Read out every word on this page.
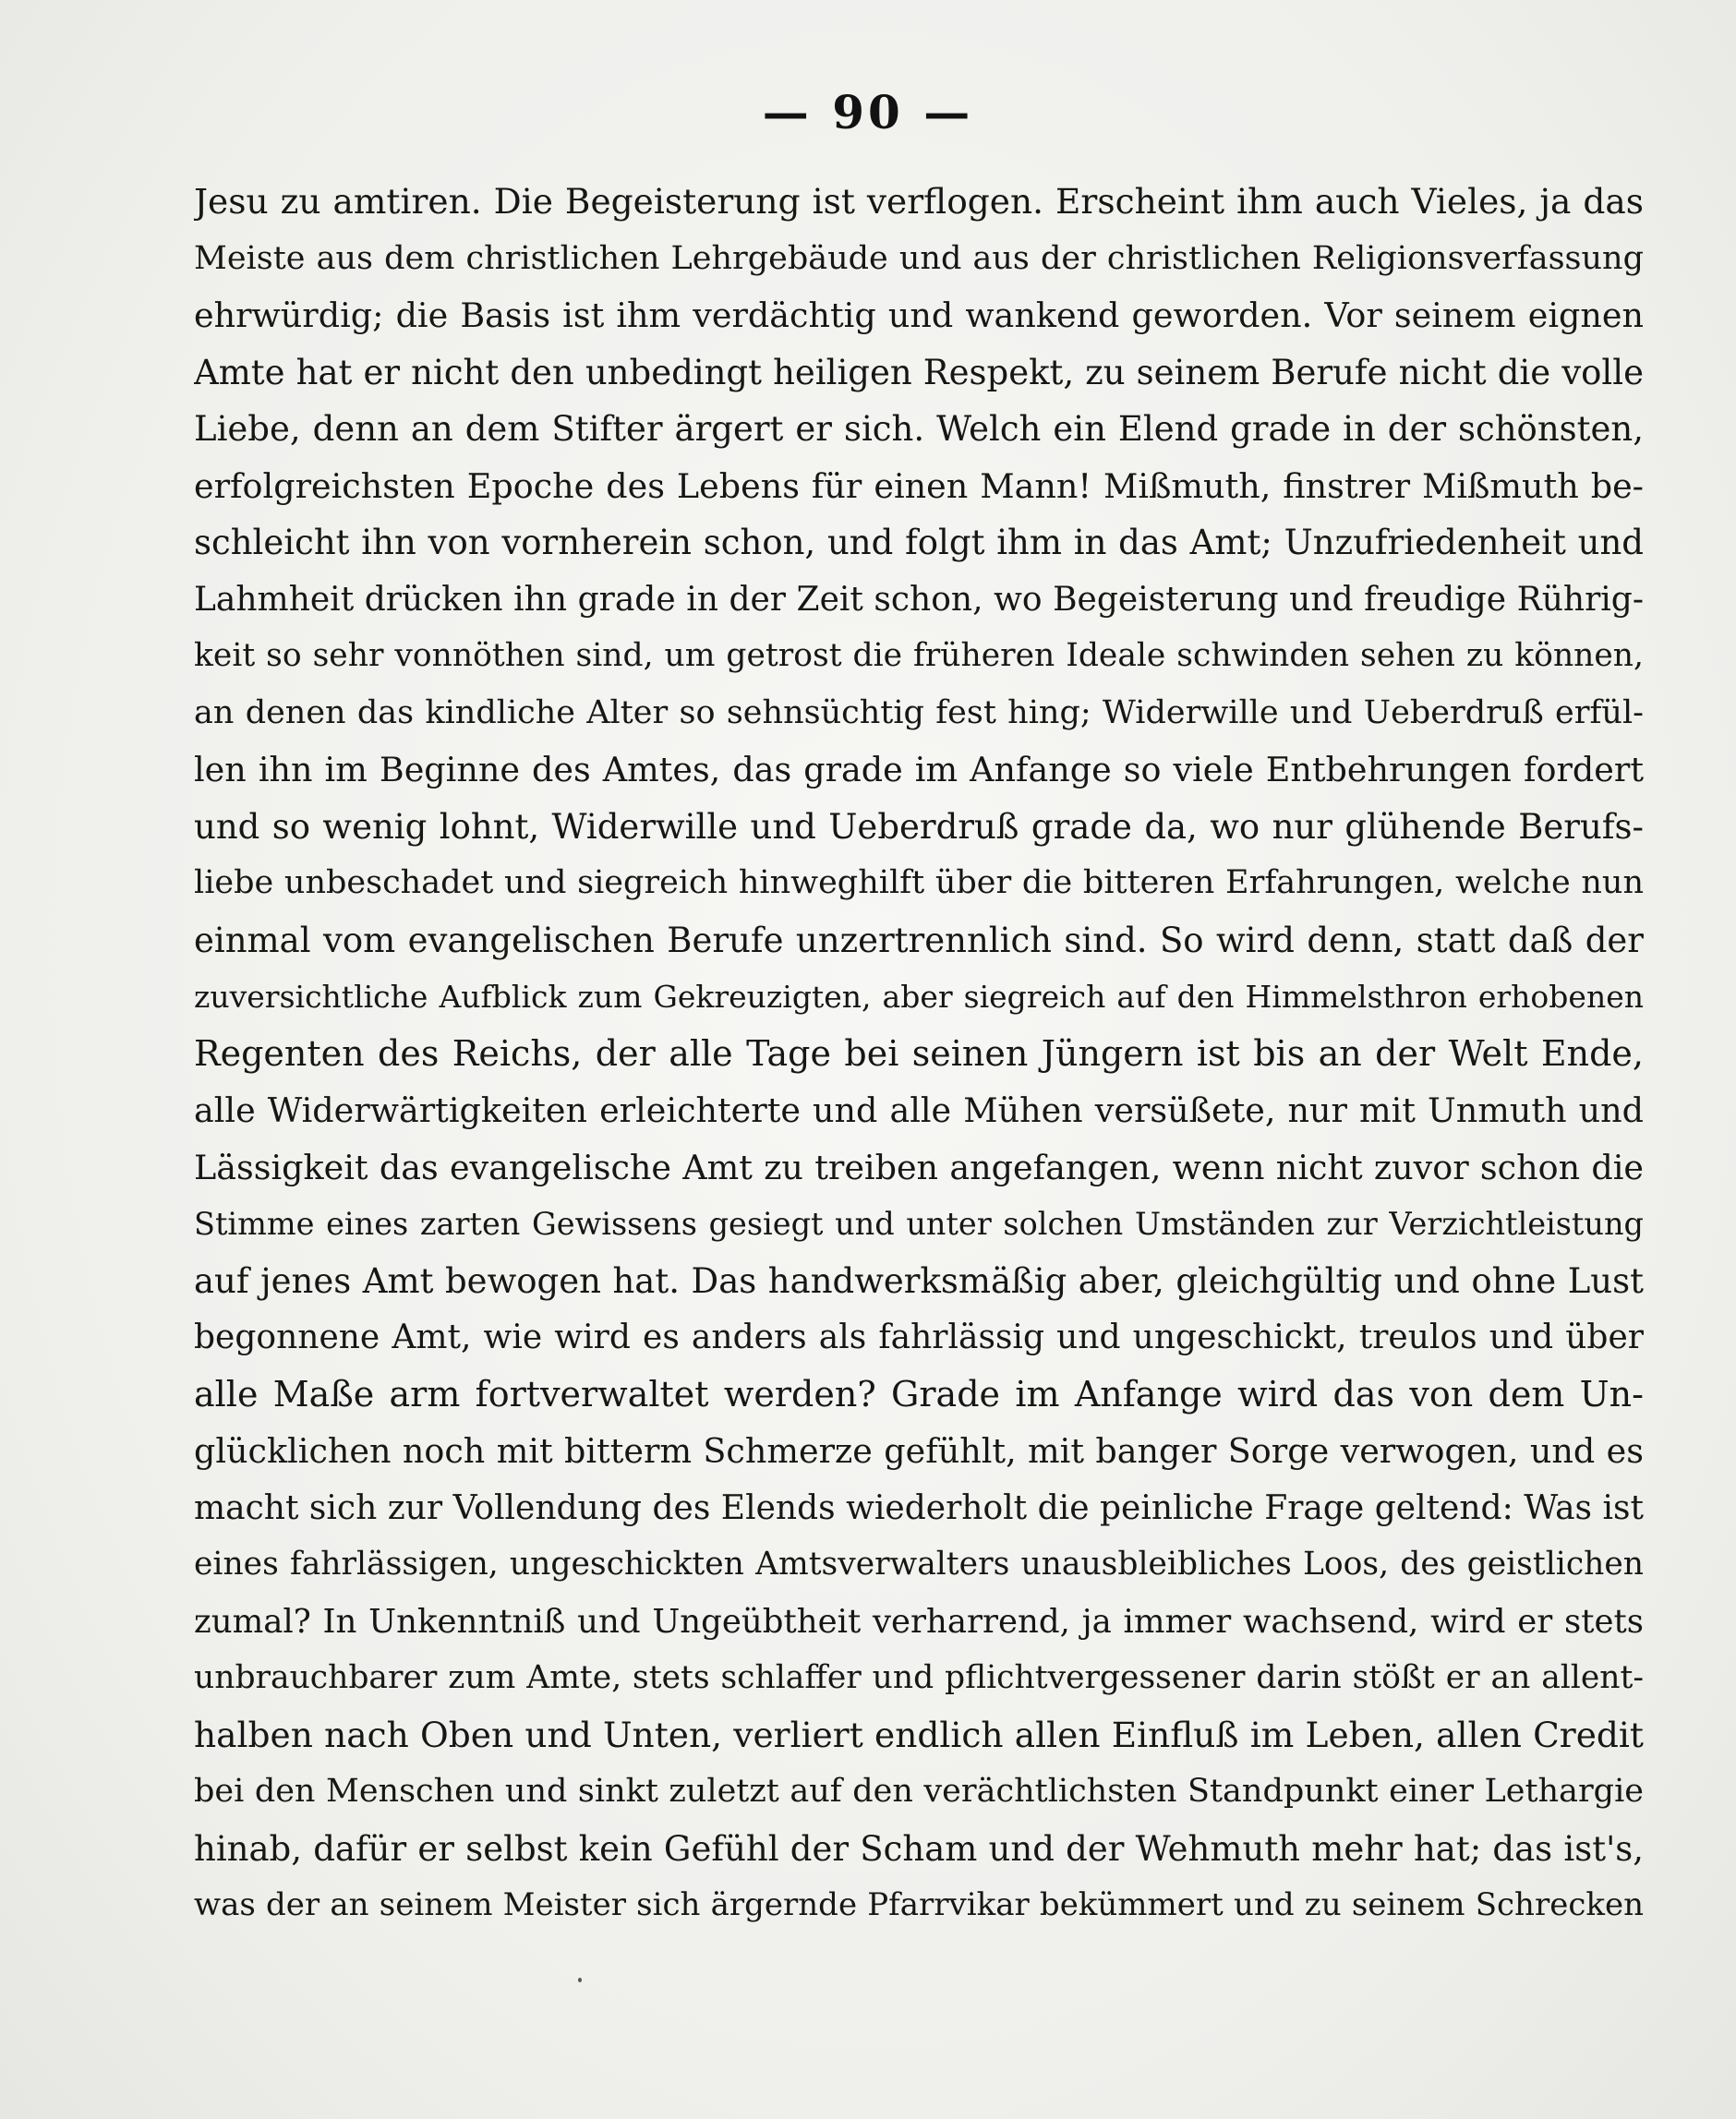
— 90 —
Jesu zu amtiren. Die Begeisterung ist verflogen. Erscheint ihm auch Vieles, ja das
Meiste aus dem christlichen Lehrgebäude und aus der christlichen Religionsverfassung
ehrwürdig; die Basis ist ihm verdächtig und wankend geworden. Vor seinem eignen
Amte hat er nicht den unbedingt heiligen Respekt, zu seinem Berufe nicht die volle
Liebe, denn an dem Stifter ärgert er sich. Welch ein Elend grade in der schönsten,
erfolgreichsten Epoche des Lebens für einen Mann! Mißmuth, finstrer Mißmuth be-
schleicht ihn von vornherein schon, und folgt ihm in das Amt; Unzufriedenheit und
Lahmheit drücken ihn grade in der Zeit schon, wo Begeisterung und freudige Rührig-
keit so sehr vonnöthen sind, um getrost die früheren Ideale schwinden sehen zu können,
an denen das kindliche Alter so sehnsüchtig fest hing; Widerwille und Ueberdruß erfül-
len ihn im Beginne des Amtes, das grade im Anfange so viele Entbehrungen fordert
und so wenig lohnt, Widerwille und Ueberdruß grade da, wo nur glühende Berufs-
liebe unbeschadet und siegreich hinweghilft über die bitteren Erfahrungen, welche nun
einmal vom evangelischen Berufe unzertrennlich sind. So wird denn, statt daß der
zuversichtliche Aufblick zum Gekreuzigten, aber siegreich auf den Himmelsthron erhobenen
Regenten des Reichs, der alle Tage bei seinen Jüngern ist bis an der Welt Ende,
alle Widerwärtigkeiten erleichterte und alle Mühen versüßete, nur mit Unmuth und
Lässigkeit das evangelische Amt zu treiben angefangen, wenn nicht zuvor schon die
Stimme eines zarten Gewissens gesiegt und unter solchen Umständen zur Verzichtleistung
auf jenes Amt bewogen hat. Das handwerksmäßig aber, gleichgültig und ohne Lust
begonnene Amt, wie wird es anders als fahrlässig und ungeschickt, treulos und über
alle Maße arm fortverwaltet werden? Grade im Anfange wird das von dem Un-
glücklichen noch mit bitterm Schmerze gefühlt, mit banger Sorge verwogen, und es
macht sich zur Vollendung des Elends wiederholt die peinliche Frage geltend: Was ist
eines fahrlässigen, ungeschickten Amtsverwalters unausbleibliches Loos, des geistlichen
zumal? In Unkenntniß und Ungeübtheit verharrend, ja immer wachsend, wird er stets
unbrauchbarer zum Amte, stets schlaffer und pflichtvergessener darin stößt er an allent-
halben nach Oben und Unten, verliert endlich allen Einfluß im Leben, allen Credit
bei den Menschen und sinkt zuletzt auf den verächtlichsten Standpunkt einer Lethargie
hinab, dafür er selbst kein Gefühl der Scham und der Wehmuth mehr hat; das ist's,
was der an seinem Meister sich ärgernde Pfarrvikar bekümmert und zu seinem Schrecken
